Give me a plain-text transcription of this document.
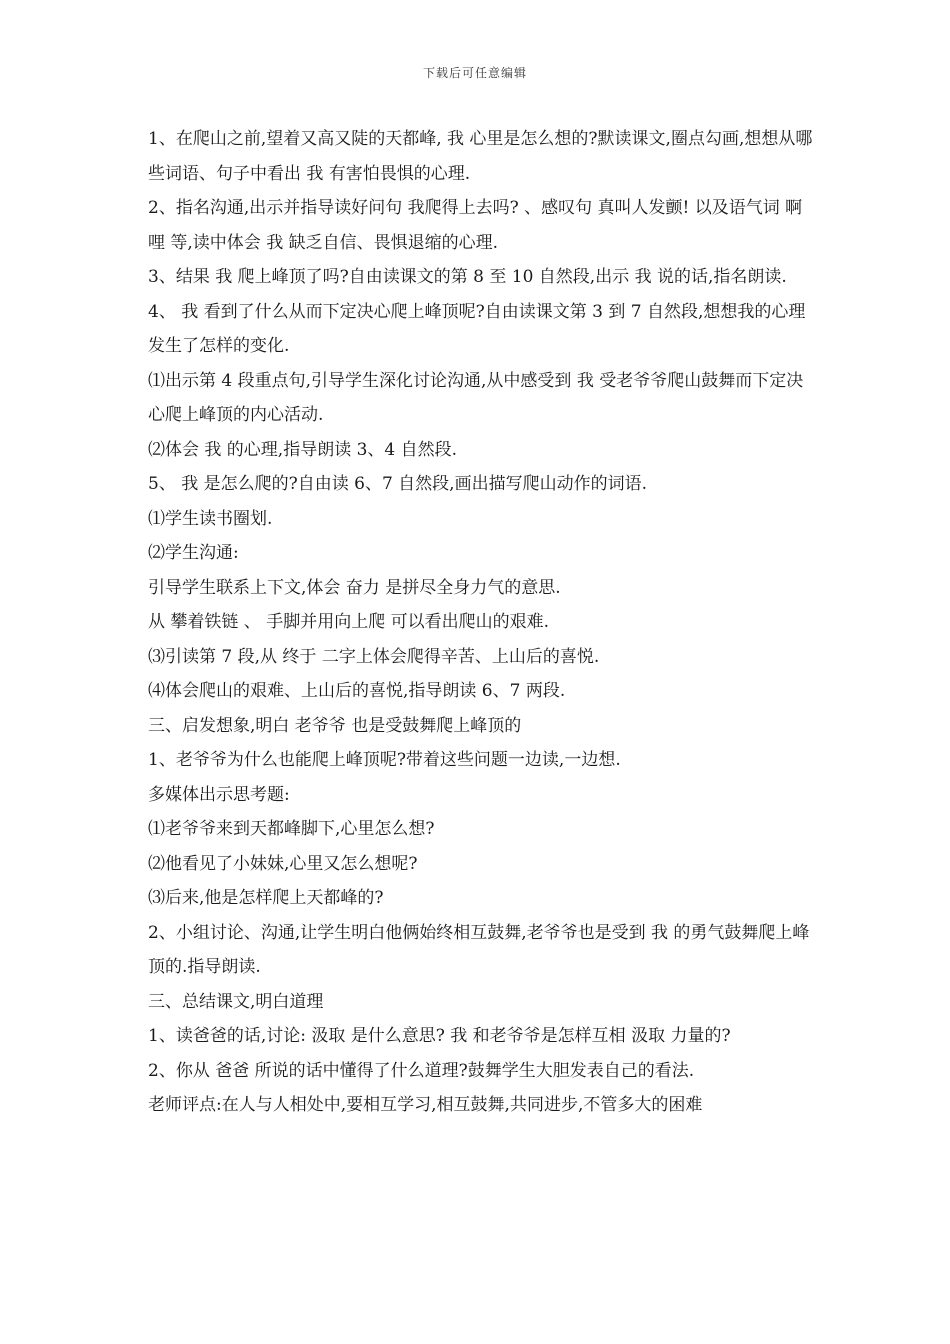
下载后可任意编辑

1、在爬山之前,望着又高又陡的天都峰, 我 心里是怎么想的?默读课文,圈点勾画,想想从哪些词语、句子中看出 我 有害怕畏惧的心理.

2、指名沟通,出示并指导读好问句 我爬得上去吗? 、感叹句 真叫人发颤! 以及语气词 啊 哩 等,读中体会 我 缺乏自信、畏惧退缩的心理.

3、结果 我 爬上峰顶了吗?自由读课文的第 8 至 10 自然段,出示 我 说的话,指名朗读.

4、 我 看到了什么从而下定决心爬上峰顶呢?自由读课文第 3 到 7 自然段,想想我的心理发生了怎样的变化.

⑴出示第 4 段重点句,引导学生深化讨论沟通,从中感受到 我 受老爷爷爬山鼓舞而下定决心爬上峰顶的内心活动.

⑵体会 我 的心理,指导朗读 3、4 自然段.

5、 我 是怎么爬的?自由读 6、7 自然段,画出描写爬山动作的词语.

⑴学生读书圈划.

⑵学生沟通:

引导学生联系上下文,体会 奋力 是拼尽全身力气的意思.

从 攀着铁链 、 手脚并用向上爬 可以看出爬山的艰难.

⑶引读第 7 段,从 终于 二字上体会爬得辛苦、上山后的喜悦.

⑷体会爬山的艰难、上山后的喜悦,指导朗读 6、7 两段.

三、启发想象,明白 老爷爷 也是受鼓舞爬上峰顶的

1、老爷爷为什么也能爬上峰顶呢?带着这些问题一边读,一边想.

多媒体出示思考题:

⑴老爷爷来到天都峰脚下,心里怎么想?

⑵他看见了小妹妹,心里又怎么想呢?

⑶后来,他是怎样爬上天都峰的?

2、小组讨论、沟通,让学生明白他俩始终相互鼓舞,老爷爷也是受到 我 的勇气鼓舞爬上峰顶的.指导朗读.

三、总结课文,明白道理

1、读爸爸的话,讨论: 汲取 是什么意思? 我 和老爷爷是怎样互相 汲取 力量的?

2、你从 爸爸 所说的话中懂得了什么道理?鼓舞学生大胆发表自己的看法.

老师评点:在人与人相处中,要相互学习,相互鼓舞,共同进步,不管多大的困难
